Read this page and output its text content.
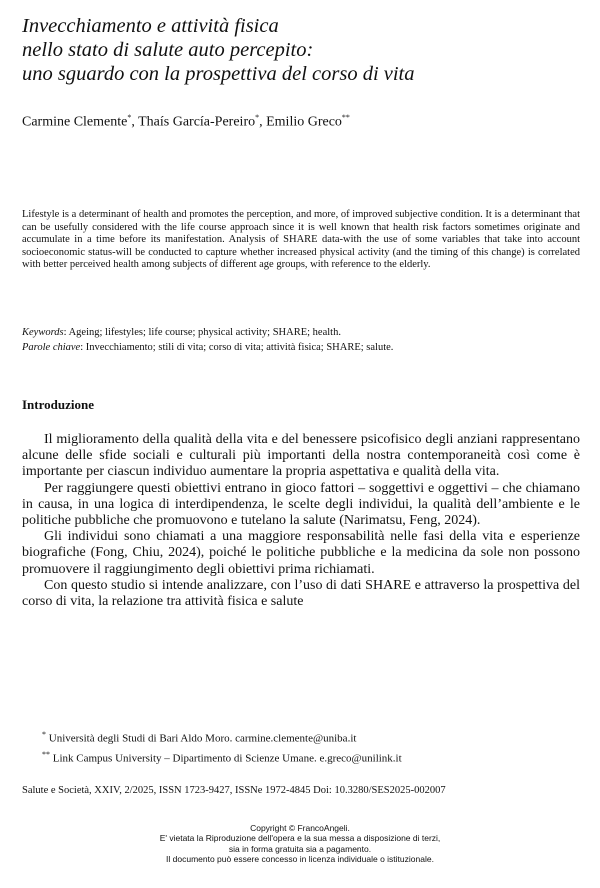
Invecchiamento e attività fisica
nello stato di salute auto percepito:
uno sguardo con la prospettiva del corso di vita
Carmine Clemente*, Thaís García-Pereiro*, Emilio Greco**
Lifestyle is a determinant of health and promotes the perception, and more, of improved subjective condition. It is a determinant that can be usefully considered with the life course approach since it is well known that health risk factors sometimes originate and accumulate in a time before its manifestation. Analysis of SHARE data-with the use of some variables that take into account socioeconomic status-will be conducted to capture whether increased physical activity (and the timing of this change) is correlated with better perceived health among subjects of different age groups, with reference to the elderly.
Keywords: Ageing; lifestyles; life course; physical activity; SHARE; health.
Parole chiave: Invecchiamento; stili di vita; corso di vita; attività fisica; SHARE; salute.
Introduzione

Il miglioramento della qualità della vita e del benessere psicofisico degli anziani rappresentano alcune delle sfide sociali e culturali più importanti della nostra contemporaneità così come è importante per ciascun individuo aumentare la propria aspettativa e qualità della vita.

Per raggiungere questi obiettivi entrano in gioco fattori – soggettivi e oggettivi – che chiamano in causa, in una logica di interdipendenza, le scelte degli individui, la qualità dell’ambiente e le politiche pubbliche che promuovono e tutelano la salute (Narimatsu, Feng, 2024).

Gli individui sono chiamati a una maggiore responsabilità nelle fasi della vita e esperienze biografiche (Fong, Chiu, 2024), poiché le politiche pubbliche e la medicina da sole non possono promuovere il raggiungimento degli obiettivi prima richiamati.

Con questo studio si intende analizzare, con l’uso di dati SHARE e attraverso la prospettiva del corso di vita, la relazione tra attività fisica e salute

* Università degli Studi di Bari Aldo Moro. carmine.clemente@uniba.it
** Link Campus University – Dipartimento di Scienze Umane. e.greco@unilink.it
Salute e Società, XXIV, 2/2025, ISSN 1723-9427, ISSNe 1972-4845 Doi: 10.3280/SES2025-002007
Copyright © FrancoAngeli.
E' vietata la Riproduzione dell'opera e la sua messa a disposizione di terzi,
sia in forma gratuita sia a pagamento.
Il documento può essere concesso in licenza individuale o istituzionale.
